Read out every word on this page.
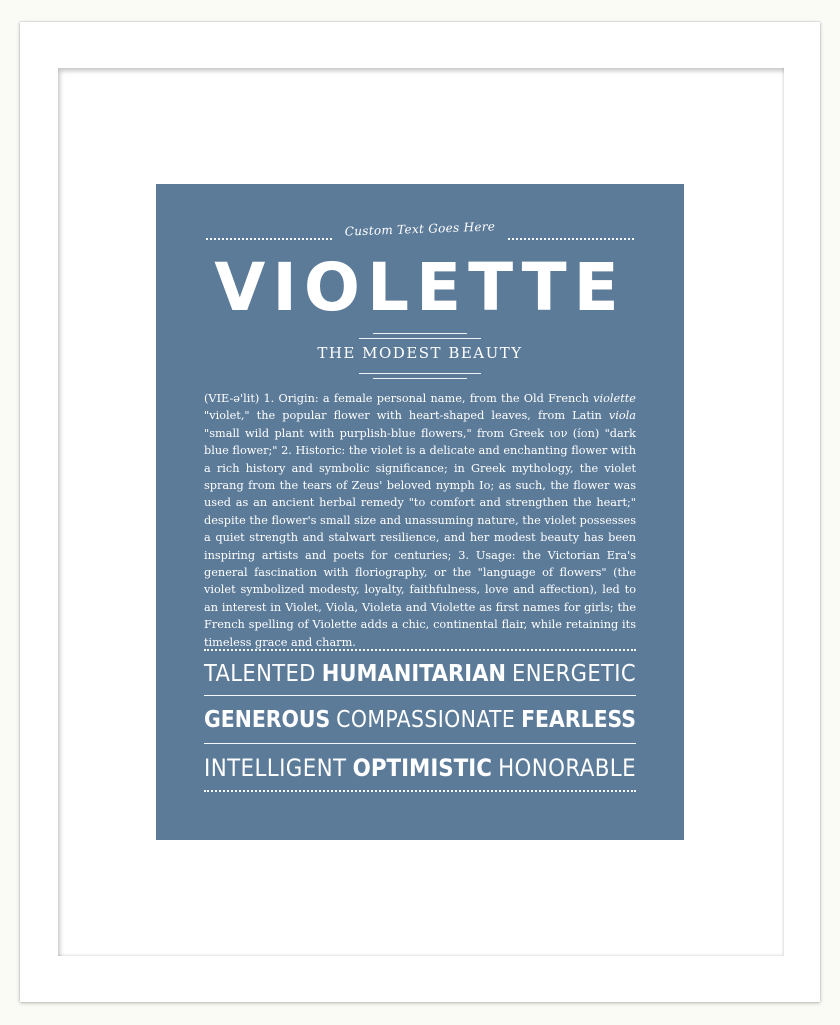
Custom Text Goes Here
VIOLETTE
THE MODEST BEAUTY
(VIE-ə'lit) 1. Origin: a female personal name, from the Old French violette "violet," the popular flower with heart-shaped leaves, from Latin viola "small wild plant with purplish-blue flowers," from Greek ιον (íon) "dark blue flower;" 2. Historic: the violet is a delicate and enchanting flower with a rich history and symbolic significance; in Greek mythology, the violet sprang from the tears of Zeus' beloved nymph Io; as such, the flower was used as an ancient herbal remedy "to comfort and strengthen the heart;" despite the flower's small size and unassuming nature, the violet possesses a quiet strength and stalwart resilience, and her modest beauty has been inspiring artists and poets for centuries; 3. Usage: the Victorian Era's general fascination with floriography, or the "language of flowers" (the violet symbolized modesty, loyalty, faithfulness, love and affection), led to an interest in Violet, Viola, Violeta and Violette as first names for girls; the French spelling of Violette adds a chic, continental flair, while retaining its timeless grace and charm.
TALENTED HUMANITARIAN ENERGETIC
GENEROUS COMPASSIONATE FEARLESS
INTELLIGENT OPTIMISTIC HONORABLE
